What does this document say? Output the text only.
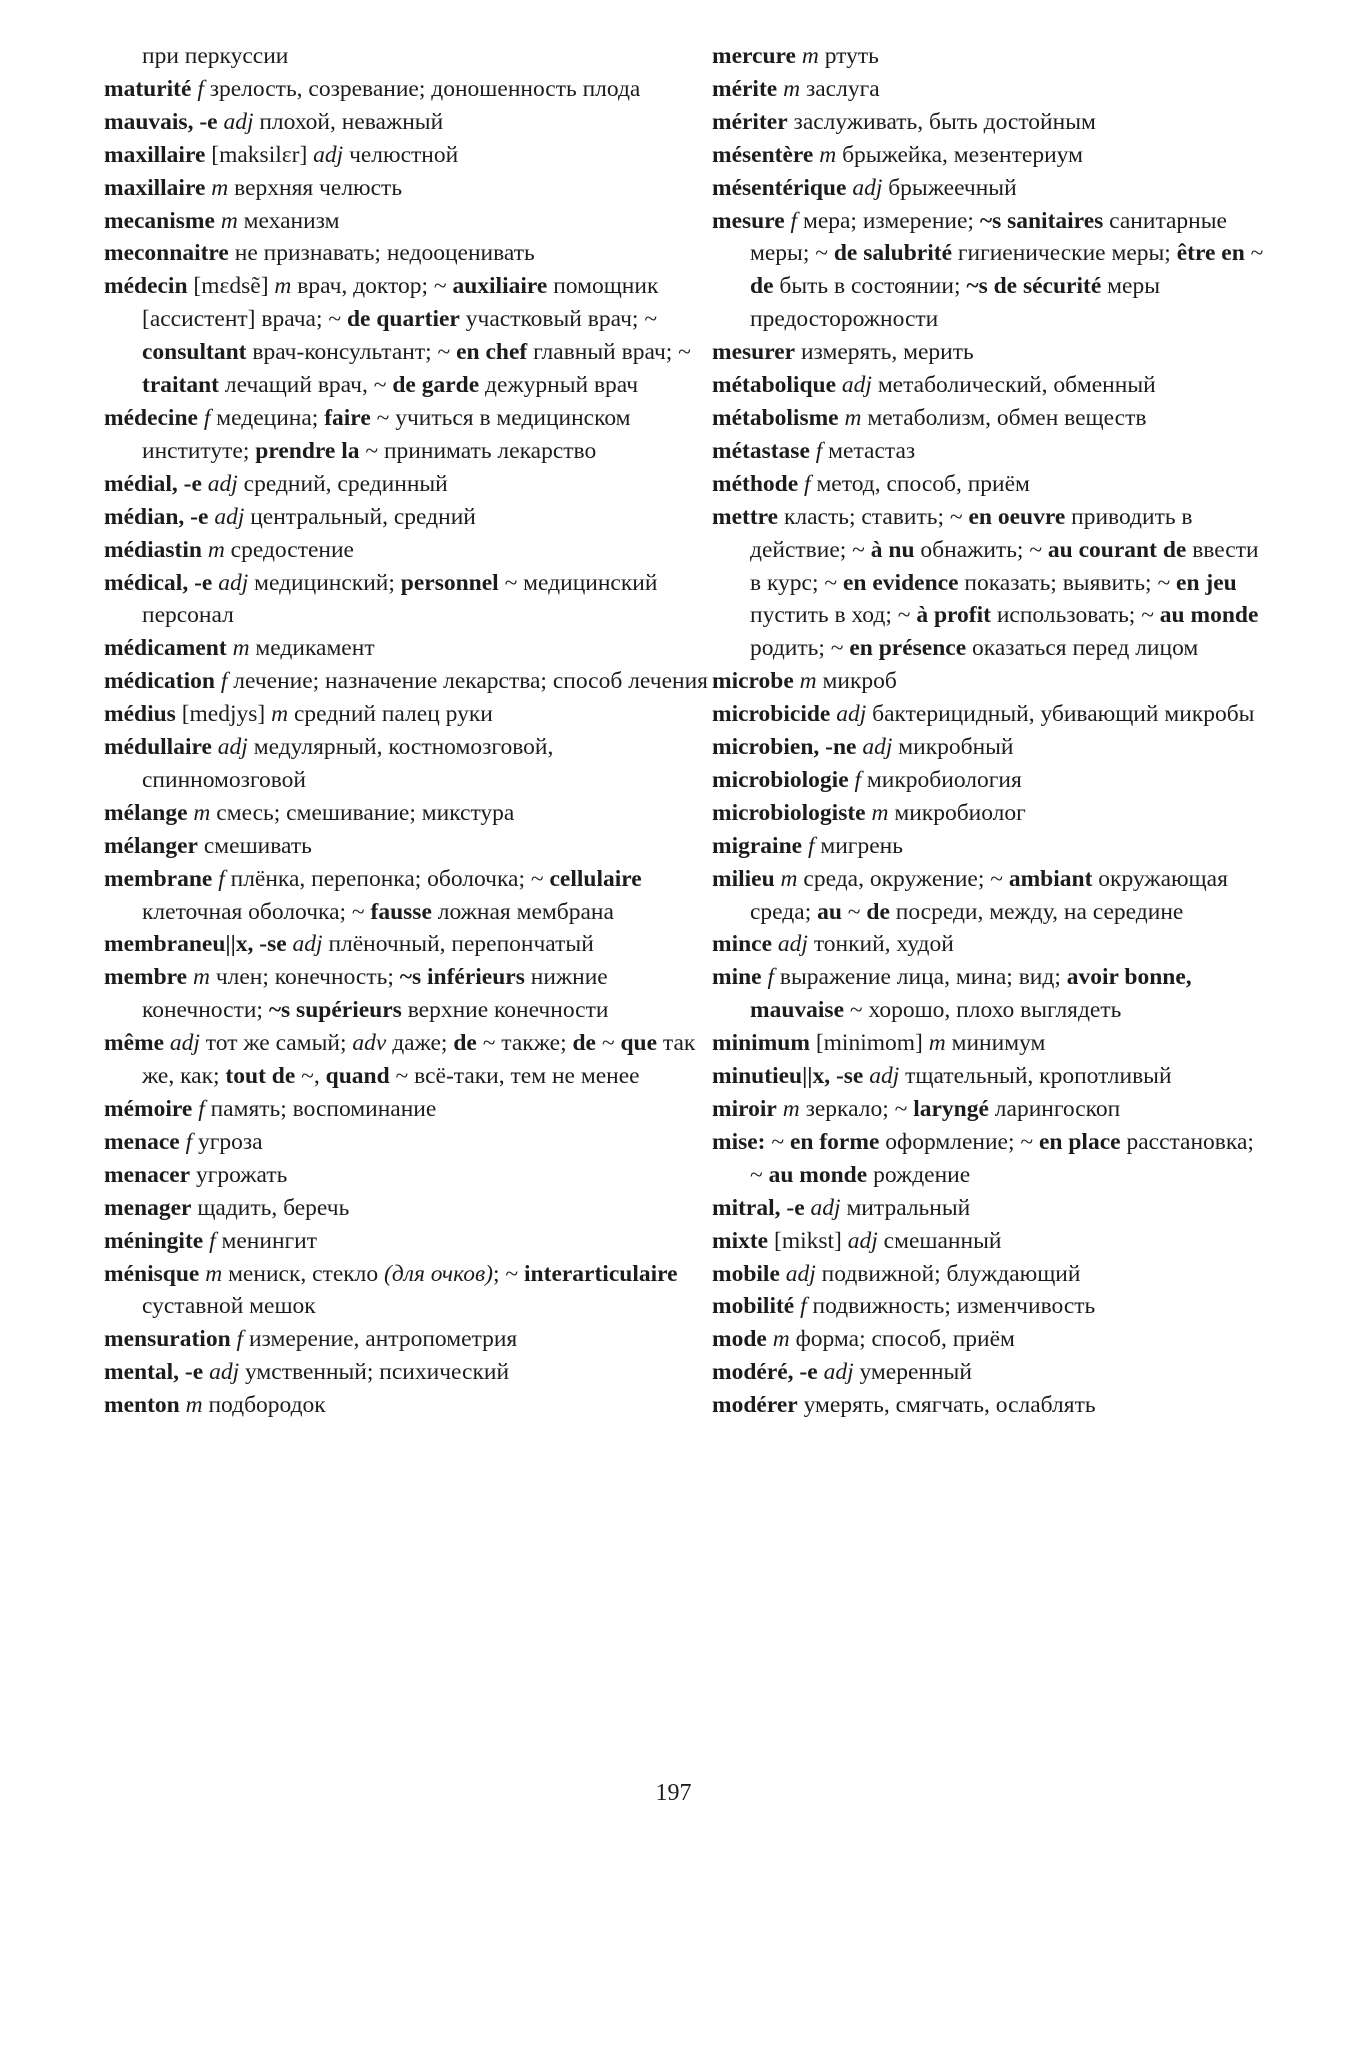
при перкуссии
maturité f зрелость, созревание; доношенность плода
mauvais, -e adj плохой, неважный
maxillaire [maksilεr] adj челюстной
maxillaire m верхняя челюсть
mecanisme m механизм
meconnaitre не признавать; недооценивать
médecin [mεdsẽ] m врач, доктор; ~ auxiliaire помощник [ассистент] врача; ~ de quartier участковый врач; ~ consultant врач-консультант; ~ en chef главный врач; ~ traitant лечащий врач, ~ de garde дежурный врач
médecine f медецина; faire ~ учиться в медицинском институте; prendre la ~ принимать лекарство
médial, -e adj средний, срединный
médian, -e adj центральный, средний
médiastin m средостение
médical, -e adj медицинский; personnel ~ медицинский персонал
médicament m медикамент
médication f лечение; назначение лекарства; способ лечения
médius [medjys] m средний палец руки
médullaire adj медулярный, костномозговой, спинномозговой
mélange m смесь; смешивание; микстура
mélanger смешивать
membrane f плёнка, перепонка; оболочка; ~ cellulaire клеточная оболочка; ~ fausse ложная мембрана
membraneu||x, -se adj плёночный, перепончатый
membre m член; конечность; ~s inférieurs нижние конечности; ~s supérieurs верхние конечности
même adj тот же самый; adv даже; de ~ также; de ~ que так же, как; tout de ~, quand ~ всё-таки, тем не менее
mémoire f память; воспоминание
menace f угроза
menacer угрожать
menager щадить, беречь
méningite f менингит
ménisque m мениск, стекло (для очков); ~ interarticulaire суставной мешок
mensuration f измерение, антропометрия
mental, -e adj умственный; психический
menton m подбородок
mercure m ртуть
mérite m заслуга
mériter заслуживать, быть достойным
mésentère m брыжейка, мезентериум
mésentérique adj брыжеечный
mesure f мера; измерение; ~s sanitaires санитарные меры; ~ de salubrité гигиенические меры; être en ~ de быть в состоянии; ~s de sécurité меры предосторожности
mesurer измерять, мерить
métabolique adj метаболический, обменный
métabolisme m метаболизм, обмен веществ
métastase f метастаз
méthode f метод, способ, приём
mettre класть; ставить; ~ en oeuvre приводить в действие; ~ à nu обнажить; ~ au courant de ввести в курс; ~ en evidence показать; выявить; ~ en jeu пустить в ход; ~ à profit использовать; ~ au monde родить; ~ en présence оказаться перед лицом
microbe m микроб
microbicide adj бактерицидный, убивающий микробы
microbien, -ne adj микробный
microbiologie f микробиология
microbiologiste m микробиолог
migraine f мигрень
milieu m среда, окружение; ~ ambiant окружающая среда; au ~ de посреди, между, на середине
mince adj тонкий, худой
mine f выражение лица, мина; вид; avoir bonne, mauvaise ~ хорошо, плохо выглядеть
minimum [minimom] m минимум
minutieu||x, -se adj тщательный, кропотливый
miroir m зеркало; ~ laryngé ларингоскоп
mise: ~ en forme оформление; ~ en place расстановка; ~ au monde рождение
mitral, -e adj митральный
mixte [mikst] adj смешанный
mobile adj подвижной; блуждающий
mobilité f подвижность; изменчивость
mode m форма; способ, приём
modéré, -e adj умеренный
modérer умерять, смягчать, ослаблять
197
